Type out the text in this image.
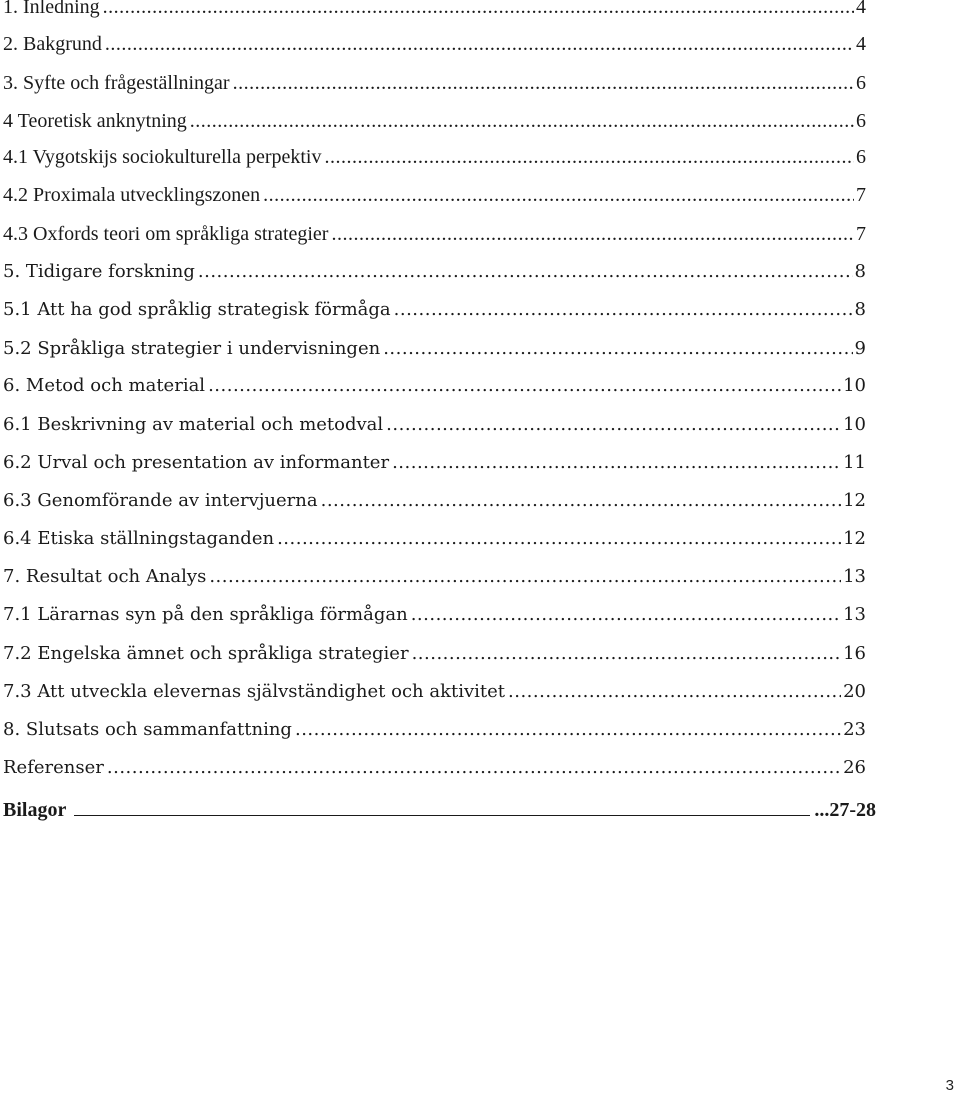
1. Inledning .....	4
2. Bakgrund .....	4
3. Syfte och frågeställningar .....	6
4 Teoretisk anknytning .....	6
4.1 Vygotskijs sociokulturella perpektiv .....	6
4.2 Proximala utvecklingszonen .....	7
4.3 Oxfords teori om språkliga strategier .....	7
5. Tidigare forskning .....	8
5.1 Att ha god språklig strategisk förmåga .....	8
5.2 Språkliga strategier i undervisningen .....	9
6. Metod och material .....	10
6.1 Beskrivning av material och metodval .....	10
6.2 Urval och presentation av informanter .....	11
6.3 Genomförande av intervjuerna .....	12
6.4 Etiska ställningstaganden .....	12
7. Resultat och Analys .....	13
7.1 Lärarnas syn på den språkliga förmågan .....	13
7.2 Engelska ämnet och språkliga strategier .....	16
7.3 Att utveckla elevernas självständighet och aktivitet .....	20
8. Slutsats och sammanfattning .....	23
Referenser .....	26
Bilagor	...27-28
3
